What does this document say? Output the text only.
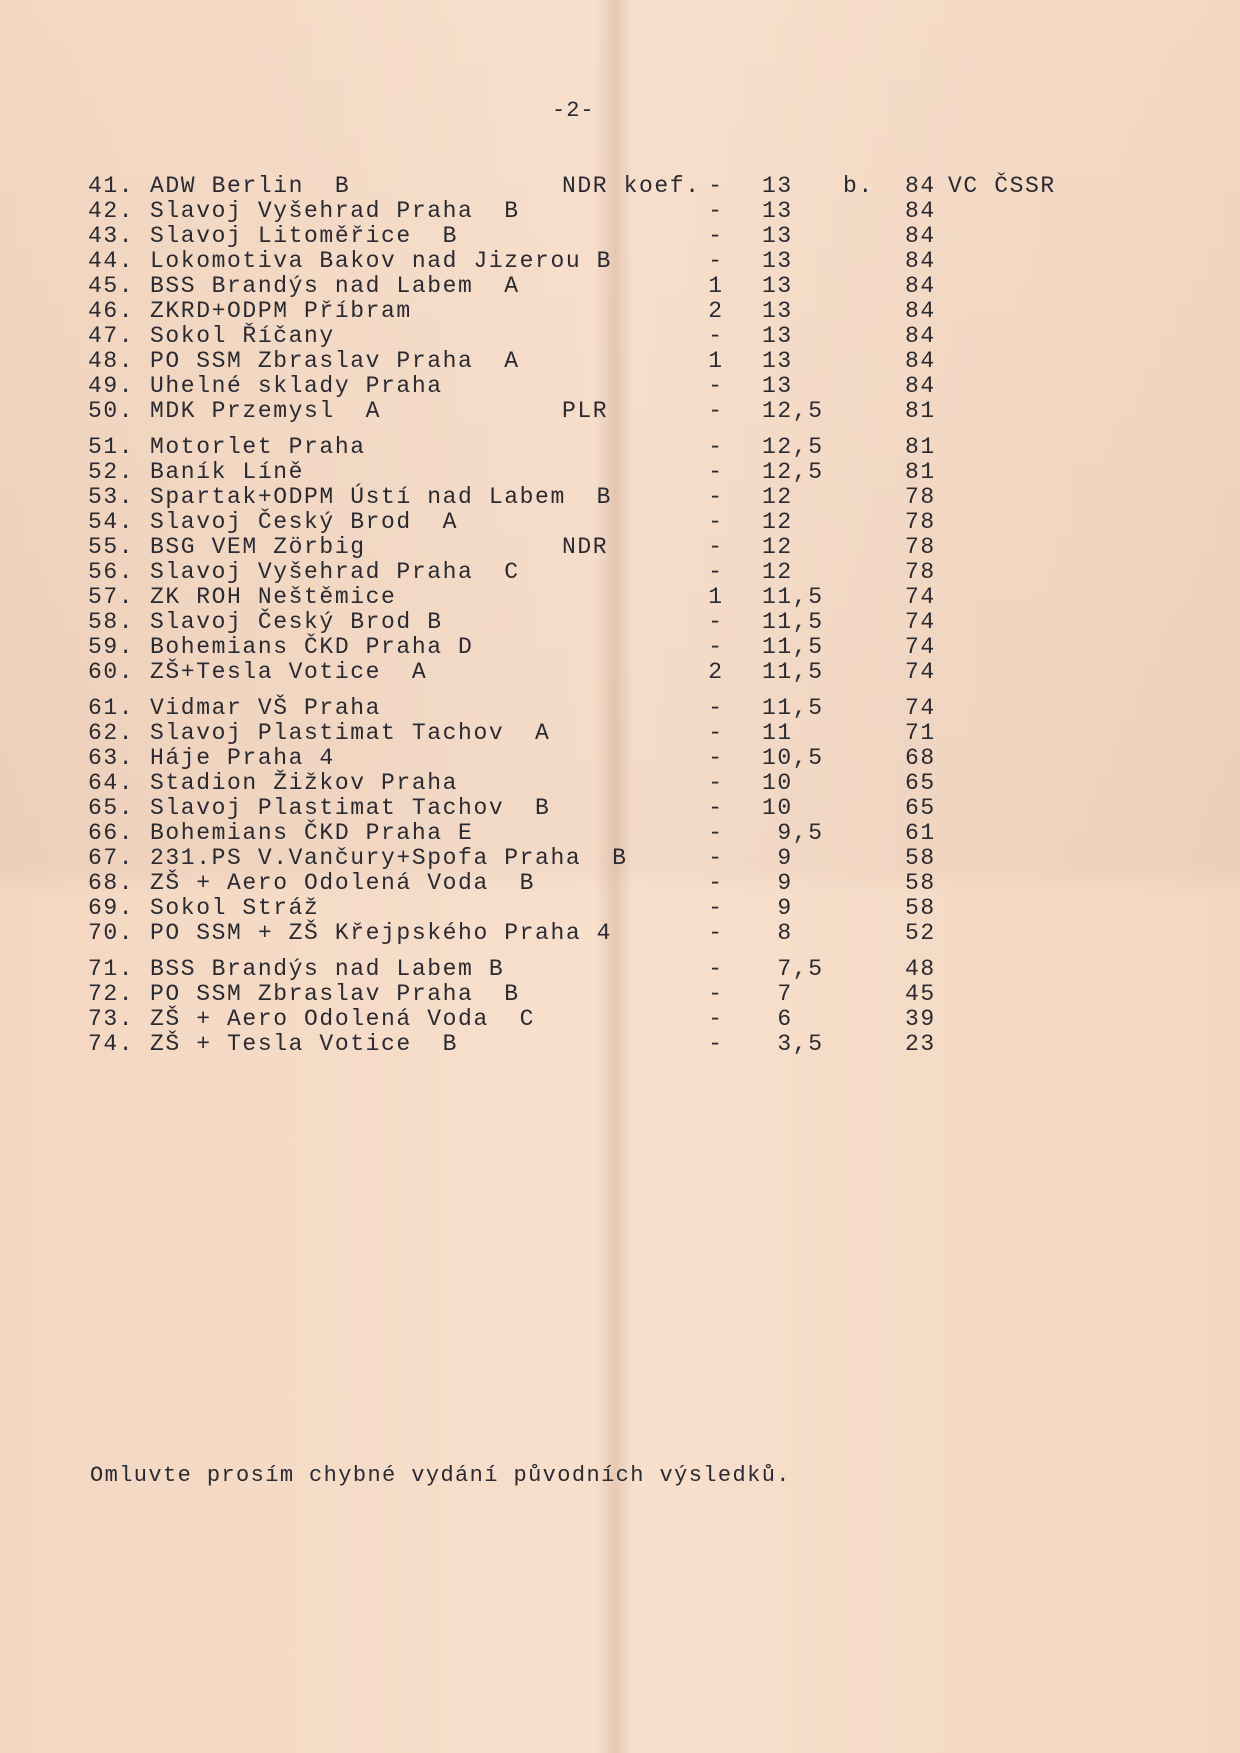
-2-
41. ADW Berlin  B	NDR koef. - 13 b. 84 VC ČSSR
42. Slavoj Vyšehrad Praha  B	- 13	84
43. Slavoj Litoměřice  B	- 13	84
44. Lokomotiva Bakov nad Jizerou B	- 13	84
45. BSS Brandýs nad Labem  A	1 13	84
46. ZKRD+ODPM Příbram	2 13	84
47. Sokol Říčany	- 13	84
48. PO SSM Zbraslav Praha  A	1 13	84
49. Uhelné sklady Praha	- 13	84
50. MDK Przemysl  A	PLR	- 12,5	81
51. Motorlet Praha	- 12,5	81
52. Baník Líně	- 12,5	81
53. Spartak+ODPM Ústí nad Labem  B	- 12	78
54. Slavoj Český Brod  A	- 12	78
55. BSG VEM Zörbig	NDR	- 12	78
56. Slavoj Vyšehrad Praha  C	- 12	78
57. ZK ROH Neštěmice	1 11,5	74
58. Slavoj Český Brod B	- 11,5	74
59. Bohemians ČKD Praha D	- 11,5	74
60. ZŠ+Tesla Votice  A	2 11,5	74
61. Vidmar VŠ Praha	- 11,5	74
62. Slavoj Plastimat Tachov  A	- 11	71
63. Háje Praha 4	- 10,5	68
64. Stadion Žižkov Praha	- 10	65
65. Slavoj Plastimat Tachov  B	- 10	65
66. Bohemians ČKD Praha E	- 9,5	61
67. 231.PS V.Vančury+Spofa Praha  B	- 9	58
68. ZŠ + Aero Odolená Voda  B	- 9	58
69. Sokol Stráž	- 9	58
70. PO SSM + ZŠ Křejpského Praha 4	- 8	52
71. BSS Brandýs nad Labem B	- 7,5	48
72. PO SSM Zbraslav Praha  B	- 7	45
73. ZŠ + Aero Odolená Voda  C	- 6	39
74. ZŠ + Tesla Votice  B	- 3,5	23
Omluvte prosím chybné vydání původních výsledků.
